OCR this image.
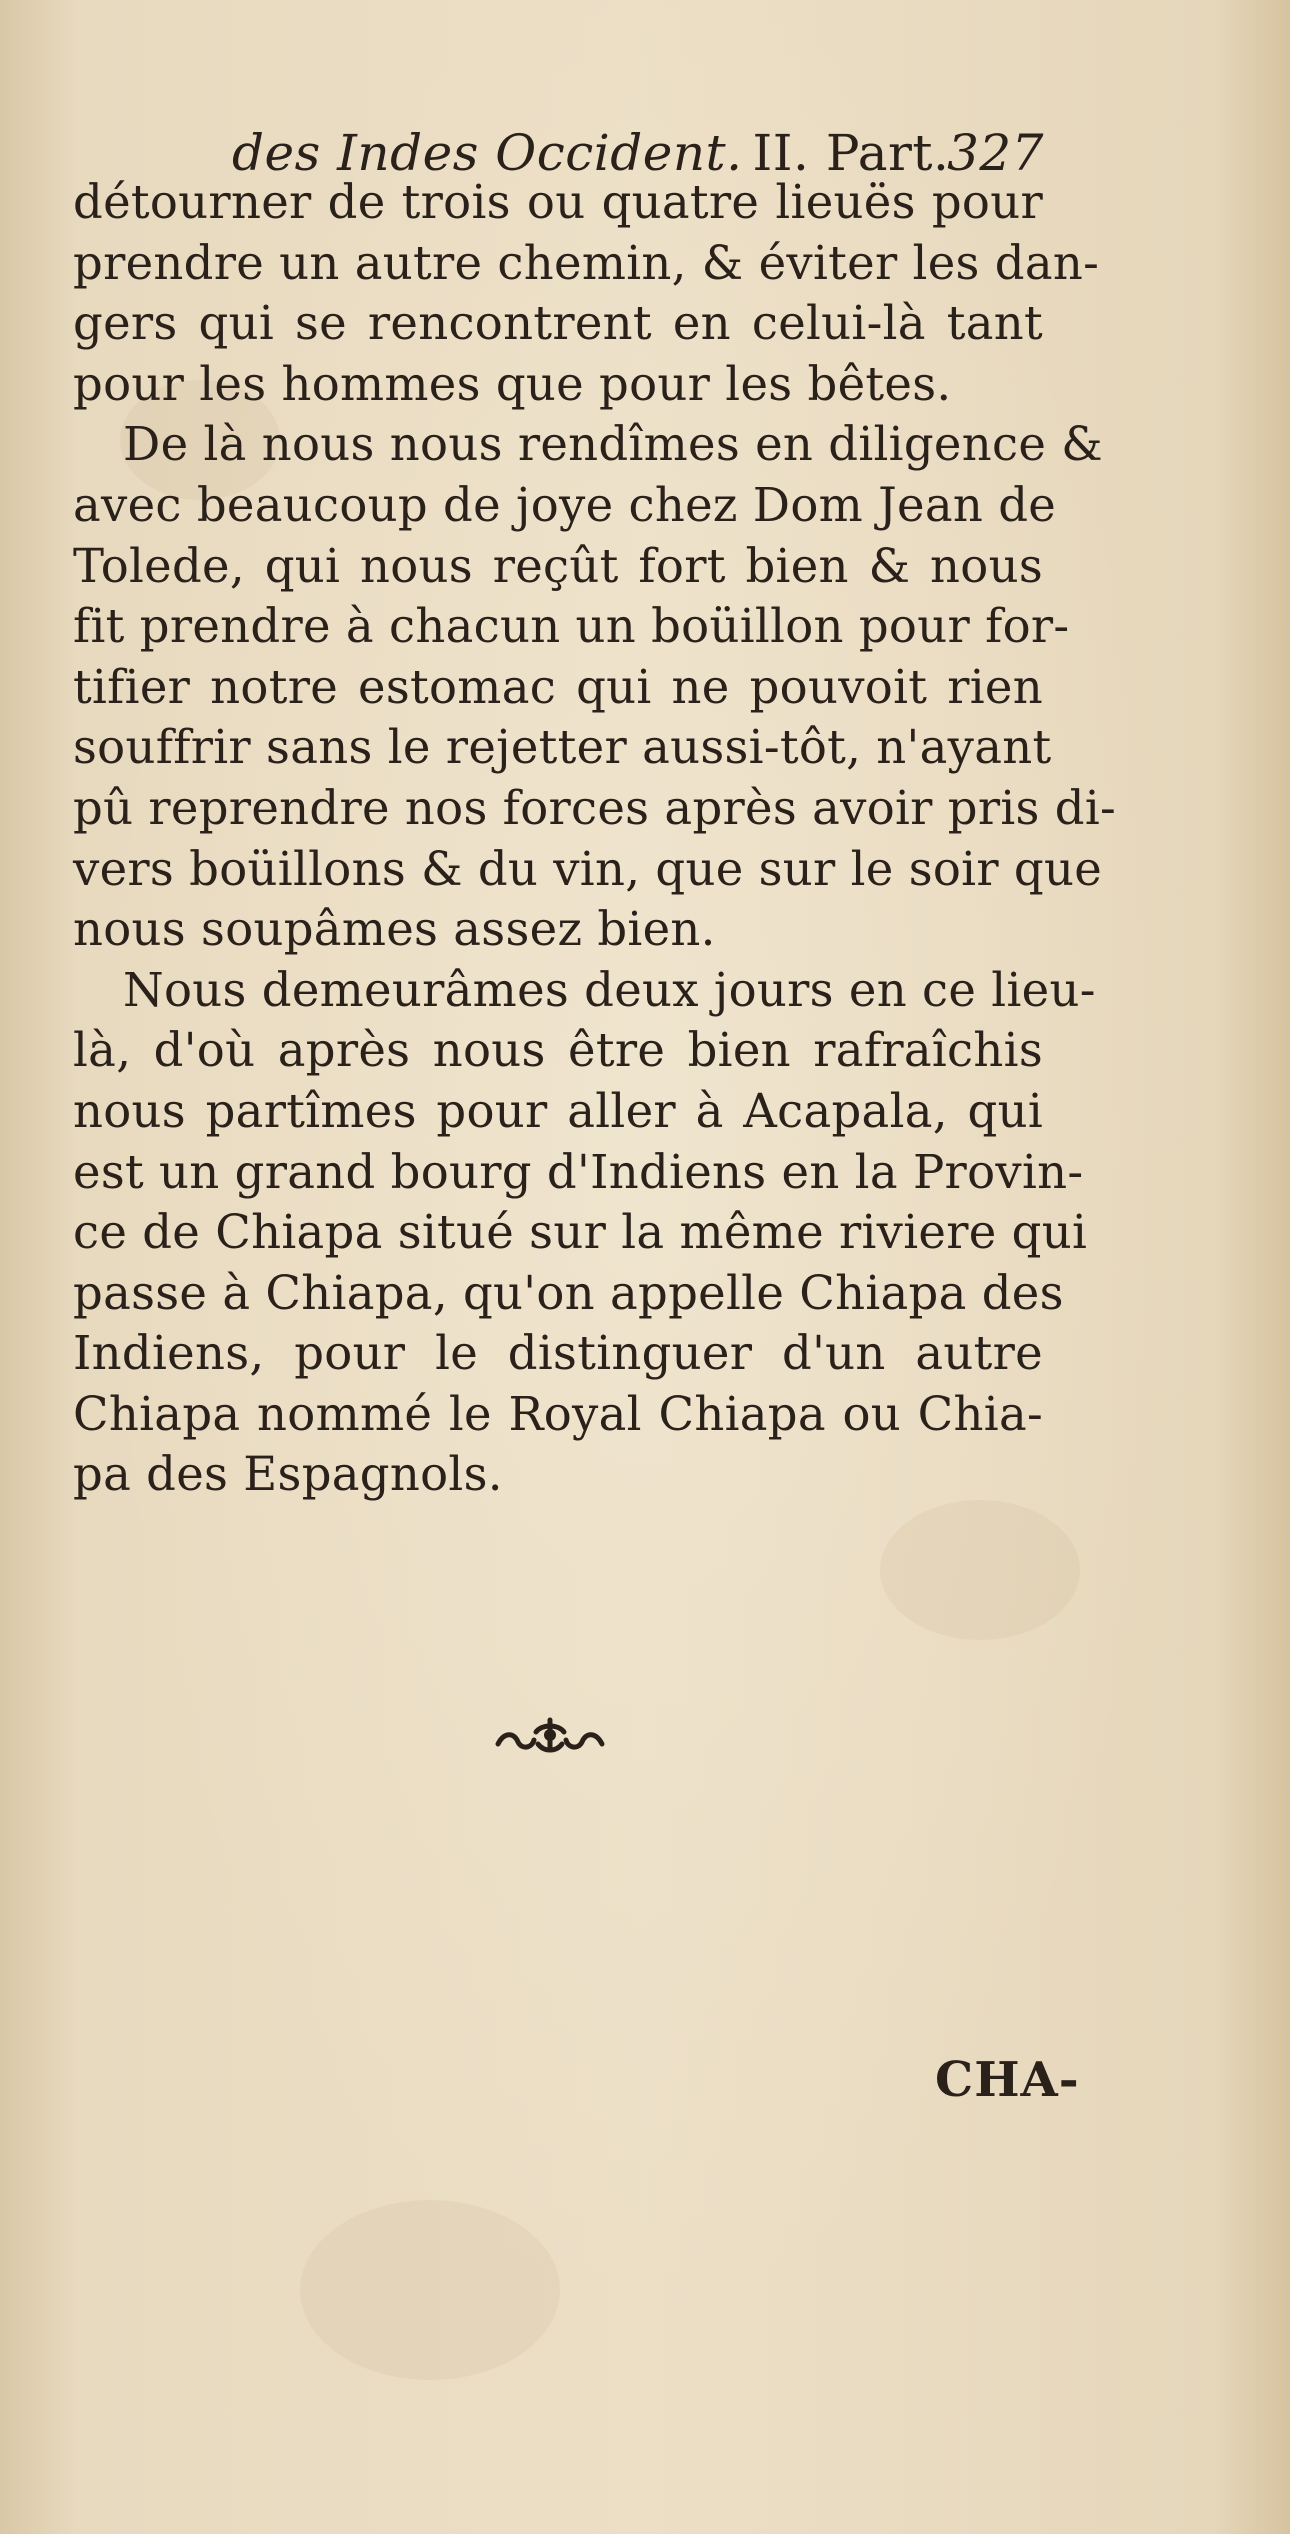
des Indes Occident. II. Part.
327
détourner de trois ou quatre lieuës pour
prendre un autre chemin, & éviter les dan-
gers qui se rencontrent en celui-là tant
pour les hommes que pour les bêtes.
De là nous nous rendîmes en diligence &
avec beaucoup de joye chez Dom Jean de
Tolede, qui nous reçût fort bien & nous
fit prendre à chacun un boüillon pour for-
tifier notre estomac qui ne pouvoit rien
souffrir sans le rejetter aussi-tôt, n'ayant
pû reprendre nos forces après avoir pris di-
vers boüillons & du vin, que sur le soir que
nous soupâmes assez bien.
Nous demeurâmes deux jours en ce lieu-
là, d'où après nous être bien rafraîchis
nous partîmes pour aller à Acapala, qui
est un grand bourg d'Indiens en la Provin-
ce de Chiapa situé sur la même riviere qui
passe à Chiapa, qu'on appelle Chiapa des
Indiens, pour le distinguer d'un autre
Chiapa nommé le Royal Chiapa ou Chia-
pa des Espagnols.
CHA-
